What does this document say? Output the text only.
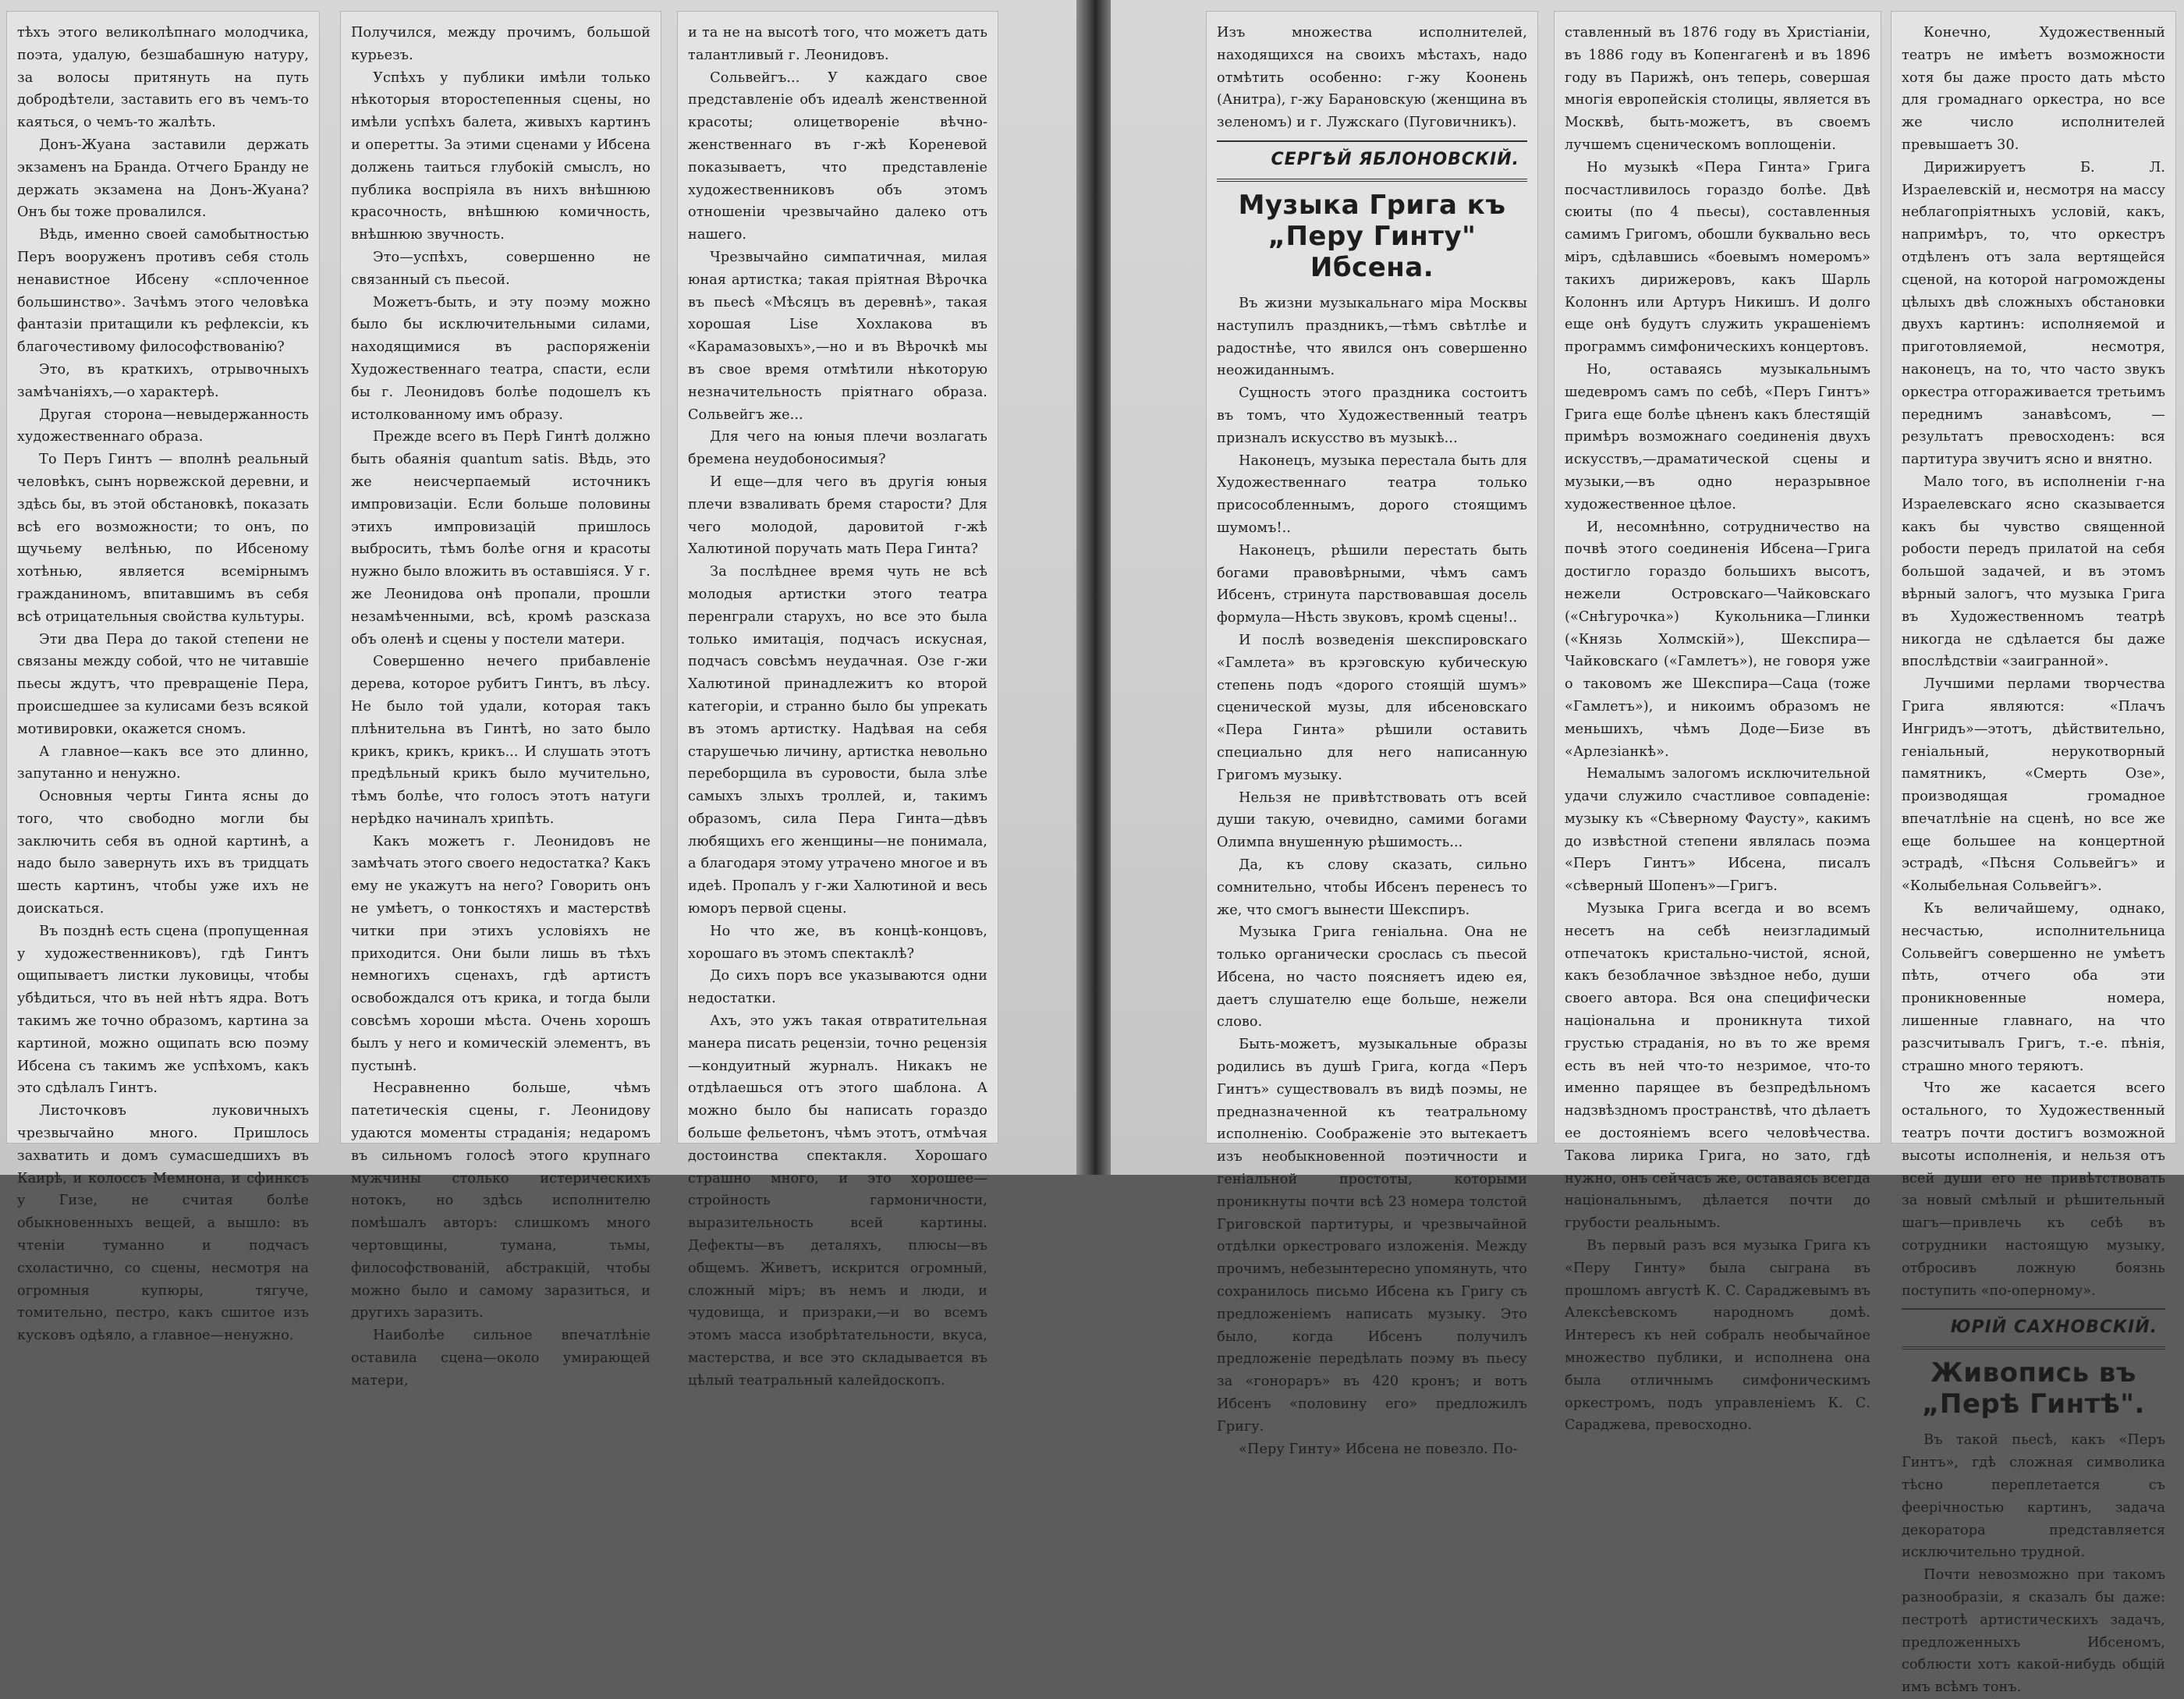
тѣхъ этого великолѣпнаго молодчика, поэта, удалую, безшабашную натуру, за волосы притянуть на путь добродѣтели, заставить его въ чемъ-то каяться, о чемъ-то жалѣть.

Донъ-Жуана заставили держать экзаменъ на Бранда. Отчего Бранду не держать экзамена на Донъ-Жуана? Онъ бы тоже провалился.

Вѣдь, именно своей самобытностью Перъ вооруженъ противъ себя столь ненавистное Ибсену «сплоченное большинство». Зачѣмъ этого человѣка фантазіи притащили къ рефлексіи, къ благочестивому философствованію?

Это, въ краткихъ, отрывочныхъ замѣчаніяхъ,—о характерѣ.

Другая сторона—невыдержанность художественнаго образа.

То Перъ Гинтъ — вполнѣ реальный человѣкъ, сынъ норвежской деревни, и здѣсь бы, въ этой обстановкѣ, показать всѣ его возможности; то онъ, по щучьему велѣнью, по Ибсеному хотѣнью, является всемірнымъ гражданиномъ, впитавшимъ въ себя всѣ отрицательныя свойства культуры.

Эти два Пера до такой степени не связаны между собой, что не читавшіе пьесы ждутъ, что превращеніе Пера, происшедшее за кулисами безъ всякой мотивировки, окажется сномъ.

А главное—какъ все это длинно, запутанно и ненужно.

Основныя черты Гинта ясны до того, что свободно могли бы заключить себя въ одной картинѣ, а надо было завернуть ихъ въ тридцать шесть картинъ, чтобы уже ихъ не доискаться.

Въ позднѣ есть сцена (пропущенная у художественниковъ), гдѣ Гинтъ ощипываетъ листки луковицы, чтобы убѣдиться, что въ ней нѣтъ ядра. Вотъ такимъ же точно образомъ, картина за картиной, можно ощипать всю поэму Ибсена съ такимъ же успѣхомъ, какъ это сдѣлалъ Гинтъ.

Листочковъ луковичныхъ чрезвычайно много. Пришлось захватить и домъ сумасшедшихъ въ Каирѣ, и колоссъ Мемнона, и сфинксъ у Гизе, не считая болѣе обыкновенныхъ вещей, а вышло: въ чтеніи туманно и подчасъ схоластично, со сцены, несмотря на огромныя купюры, тягуче, томительно, пестро, какъ сшитое изъ кусковъ одѣяло, а главное—ненужно.

Получился, между прочимъ, большой курьезъ.

Успѣхъ у публики имѣли только нѣкоторыя второстепенныя сцены, но имѣли успѣхъ балета, живыхъ картинъ и оперетты. За этими сценами у Ибсена должень таиться глубокій смыслъ, но публика воспріяла въ нихъ внѣшнюю красочность, внѣшнюю комичность, внѣшнюю звучность.

Это—успѣхъ, совершенно не связанный съ пьесой.

Можетъ-быть, и эту поэму можно было бы исключительными силами, находящимися въ распоряженіи Художественнаго театра, спасти, если бы г. Леонидовъ болѣе подошелъ къ истолкованному имъ образу.

Прежде всего въ Перѣ Гинтѣ должно быть обаянія quantum satis. Вѣдь, это же неисчерпаемый источникъ импровизаціи. Если больше половины этихъ импровизацій пришлось выбросить, тѣмъ болѣе огня и красоты нужно было вложить въ оставшіяся. У г. же Леонидова онѣ пропали, прошли незамѣченными, всѣ, кромѣ разсказа объ оленѣ и сцены у постели матери.

Совершенно нечего прибавленіе дерева, которое рубитъ Гинтъ, въ лѣсу. Не было той удали, которая такъ плѣнительна въ Гинтѣ, но зато было крикъ, крикъ, крикъ... И слушать этотъ предѣльный крикъ было мучительно, тѣмъ болѣе, что голосъ этотъ натуги нерѣдко начиналъ хрипѣть.

Какъ можетъ г. Леонидовъ не замѣчать этого своего недостатка? Какъ ему не укажутъ на него? Говорить онъ не умѣетъ, о тонкостяхъ и мастерствѣ читки при этихъ условіяхъ не приходится. Они были лишь въ тѣхъ немногихъ сценахъ, гдѣ артистъ освобождался отъ крика, и тогда были совсѣмъ хороши мѣста. Очень хорошъ былъ у него и комическій элементъ, въ пустынѣ.

Несравненно больше, чѣмъ патетическія сцены, г. Леонидову удаются моменты страданія; недаромъ въ сильномъ голосѣ этого крупнаго мужчины столько истерическихъ нотокъ, но здѣсь исполнителю помѣшалъ авторъ: слишкомъ много чертовщины, тумана, тьмы, философствованій, абстракцій, чтобы можно было и самому заразиться, и другихъ заразить.

Наиболѣе сильное впечатлѣніе оставила сцена—около умирающей матери,

и та не на высотѣ того, что можетъ дать талантливый г. Леонидовъ.

Сольвейгъ... У каждаго свое представленіе объ идеалѣ женственной красоты; олицетвореніе вѣчно-женственнаго въ г-жѣ Кореневой показываетъ, что представленіе художественниковъ объ этомъ отношеніи чрезвычайно далеко отъ нашего.

Чрезвычайно симпатичная, милая юная артистка; такая пріятная Вѣрочка въ пьесѣ «Мѣсяцъ въ деревнѣ», такая хорошая Lise Хохлакова въ «Карамазовыхъ»,—но и въ Вѣрочкѣ мы въ свое время отмѣтили нѣкоторую незначительность пріятнаго образа. Сольвейгъ же...

Для чего на юныя плечи возлагать бремена неудобоносимыя?

И еще—для чего въ другія юныя плечи взваливать бремя старости? Для чего молодой, даровитой г-жѣ Халютиной поручать мать Пера Гинта?

За послѣднее время чуть не всѣ молодыя артистки этого театра перенграли старухъ, но все это была только имитація, подчасъ искусная, подчасъ совсѣмъ неудачная. Озе г-жи Халютиной принадлежитъ ко второй категоріи, и странно было бы упрекать въ этомъ артистку. Надѣвая на себя старушечью личину, артистка невольно переборщила въ суровости, была злѣе самыхъ злыхъ троллей, и, такимъ образомъ, сила Пера Гинта—дѣвъ любящихъ его женщины—не понимала, а благодаря этому утрачено многое и въ идеѣ. Пропалъ у г-жи Халютиной и весь юморъ первой сцены.

Но что же, въ концѣ-концовъ, хорошаго въ этомъ спектаклѣ?

До сихъ поръ все указываются одни недостатки.

Ахъ, это ужъ такая отвратительная манера писать рецензіи, точно рецензія—кондуитный журналъ. Никакъ не отдѣлаешься отъ этого шаблона. А можно было бы написать гораздо больше фельетонъ, чѣмъ этотъ, отмѣчая достоинства спектакля. Хорошаго страшно много, и это хорошее—стройность гармоничности, выразительность всей картины. Дефекты—въ деталяхъ, плюсы—въ общемъ. Живетъ, искрится огромный, сложный міръ; въ немъ и люди, и чудовища, и призраки,—и во всемъ этомъ масса изобрѣтательности, вкуса, мастерства, и все это складывается въ цѣлый театральный калейдоскопъ.

Изъ множества исполнителей, находящихся на своихъ мѣстахъ, надо отмѣтить особенно: г-жу Коонень (Анитра), г-жу Барановскую (женщина въ зеленомъ) и г. Лужскаго (Пуговичникъ).

СЕРГѢЙ ЯБЛОНОВСКІЙ.
Музыка Грига къ „Перу Гинту" Ибсена.

Въ жизни музыкальнаго міра Москвы наступилъ праздникъ,—тѣмъ свѣтлѣе и радостнѣе, что явился онъ совершенно неожиданнымъ.

Сущность этого праздника состоитъ въ томъ, что Художественный театръ призналъ искусство въ музыкѣ...

Наконецъ, музыка перестала быть для Художественнаго театра только присособленнымъ, дорого стоящимъ шумомъ!..

Наконецъ, рѣшили перестать быть богами правовѣрными, чѣмъ самъ Ибсенъ, стринута парствовавшая досель формула—Нѣсть звуковъ, кромѣ сцены!..

И послѣ возведенія шекспировскаго «Гамлета» въ крэговскую кубическую степень подъ «дорого стоящій шумъ» сценической музы, для ибсеновскаго «Пера Гинта» рѣшили оставить специально для него написанную Григомъ музыку.

Нельзя не привѣтствовать отъ всей души такую, очевидно, самими богами Олимпа внушенную рѣшимость...

Да, къ слову сказать, сильно сомнительно, чтобы Ибсенъ перенесъ то же, что смогъ вынести Шекспиръ.

Музыка Грига геніальна. Она не только органически срослась съ пьесой Ибсена, но часто поясняетъ идею ея, даетъ слушателю еще больше, нежели слово.

Быть-можетъ, музыкальные образы родились въ душѣ Грига, когда «Перъ Гинтъ» существовалъ въ видѣ поэмы, не предназначенной къ театральному исполненію. Соображеніе это вытекаетъ изъ необыкновенной поэтичности и геніальной простоты, которыми проникнуты почти всѣ 23 номера толстой Григовской партитуры, и чрезвычайной отдѣлки оркестроваго изложенія. Между прочимъ, небезынтересно упомянуть, что сохранилось письмо Ибсена къ Григу съ предложеніемъ написать музыку. Это было, когда Ибсенъ получилъ предложеніе передѣлать поэму въ пьесу за «гонораръ» въ 420 кронъ; и вотъ Ибсенъ «половину его» предложилъ Григу.

«Перу Гинту» Ибсена не повезло. По-

ставленный въ 1876 году въ Христіаніи, въ 1886 году въ Копенгагенѣ и въ 1896 году въ Парижѣ, онъ теперь, совершая многія европейскія столицы, является въ Москвѣ, быть-можетъ, въ своемъ лучшемъ сценическомъ воплощеніи.

Но музыкѣ «Пера Гинта» Грига посчастливилось гораздо болѣе. Двѣ сюиты (по 4 пьесы), составленныя самимъ Григомъ, обошли буквально весь міръ, сдѣлавшись «боевымъ номеромъ» такихъ дирижеровъ, какъ Шарль Колоннъ или Артуръ Никишъ. И долго еще онѣ будутъ служить украшеніемъ программъ симфоническихъ концертовъ.

Но, оставаясь музыкальнымъ шедевромъ самъ по себѣ, «Перъ Гинтъ» Грига еще болѣе цѣненъ какъ блестящій примѣръ возможнаго соединенія двухъ искусствъ,—драматической сцены и музыки,—въ одно неразрывное художественное цѣлое.

И, несомнѣнно, сотрудничество на почвѣ этого соединенія Ибсена—Грига достигло гораздо большихъ высотъ, нежели Островскаго—Чайковскаго («Снѣгурочка») Кукольника—Глинки («Князь Холмскій»), Шекспира—Чайковскаго («Гамлетъ»), не говоря уже о таковомъ же Шекспира—Саца (тоже «Гамлетъ»), и никоимъ образомъ не меньшихъ, чѣмъ Доде—Бизе въ «Арлезіанкѣ».

Немалымъ залогомъ исключительной удачи служило счастливое совпаденіе: музыку къ «Сѣверному Фаусту», какимъ до извѣстной степени являлась поэма «Перъ Гинтъ» Ибсена, писалъ «сѣверный Шопенъ»—Григъ.

Музыка Грига всегда и во всемъ несетъ на себѣ неизгладимый отпечатокъ кристально-чистой, ясной, какъ безоблачное звѣздное небо, души своего автора. Вся она специфически національна и проникнута тихой грустью страданія, но въ то же время есть въ ней что-то незримое, что-то именно парящее въ безпредѣльномъ надзвѣздномъ пространствѣ, что дѣлаетъ ее достояніемъ всего человѣчества. Такова лирика Грига, но зато, гдѣ нужно, онъ сейчасъ же, оставаясь всегда національнымъ, дѣлается почти до грубости реальнымъ.

Въ первый разъ вся музыка Грига къ «Перу Гинту» была сыграна въ прошломъ августѣ К. С. Сараджевымъ въ Алексѣевскомъ народномъ домѣ. Интересъ къ ней собралъ необычайное множество публики, и исполнена она была отличнымъ симфоническимъ оркестромъ, подъ управленіемъ К. С. Сараджева, превосходно.

Конечно, Художественный театръ не имѣетъ возможности хотя бы даже просто дать мѣсто для громаднаго оркестра, но все же число исполнителей превышаетъ 30.

Дирижируетъ Б. Л. Израелевскій и, несмотря на массу неблагопріятныхъ условій, какъ, напримѣръ, то, что оркестръ отдѣленъ отъ зала вертящейся сценой, на которой нагромождены цѣлыхъ двѣ сложныхъ обстановки двухъ картинъ: исполняемой и приготовляемой, несмотря, наконецъ, на то, что часто звукъ оркестра отгораживается третьимъ переднимъ занавѣсомъ, — результатъ превосходенъ: вся партитура звучитъ ясно и внятно.

Мало того, въ исполненіи г-на Израелевскаго ясно сказывается какъ бы чувство священной робости передъ прилатой на себя большой задачей, и въ этомъ вѣрный залогъ, что музыка Грига въ Художественномъ театрѣ никогда не сдѣлается бы даже впослѣдствіи «заигранной».

Лучшими перлами творчества Грига являются: «Плачъ Ингридъ»—этотъ, дѣйствительно, геніальный, нерукотворный памятникъ, «Смерть Озе», производящая громадное впечатлѣніе на сценѣ, но все же еще большее на концертной эстрадѣ, «Пѣсня Сольвейгъ» и «Колыбельная Сольвейгъ».

Къ величайшему, однако, несчастью, исполнительница Сольвейгъ совершенно не умѣетъ пѣть, отчего оба эти проникновенные номера, лишенные главнаго, на что разсчитывалъ Григъ, т.-е. пѣнія, страшно много теряютъ.

Что же касается всего остального, то Художественный театръ почти достигъ возможной высоты исполненія, и нельзя отъ всей души его не привѣтствовать за новый смѣлый и рѣшительный шагъ—привлечь къ себѣ въ сотрудники настоящую музыку, отбросивъ ложную боязнь поступить «по-оперному».

ЮРІЙ САХНОВСКІЙ.
Живопись въ „Перѣ Гинтѣ".

Въ такой пьесѣ, какъ «Перъ Гинтъ», гдѣ сложная символика тѣсно переплетается съ феерічностью картинъ, задача декоратора представляется исключительно трудной.

Почти невозможно при такомъ разнообразіи, я сказалъ бы даже: пестротѣ артистическихъ задачъ, предложенныхъ Ибсеномъ, соблюсти хотъ какой-нибудь общій имъ всѣмъ тонъ.
